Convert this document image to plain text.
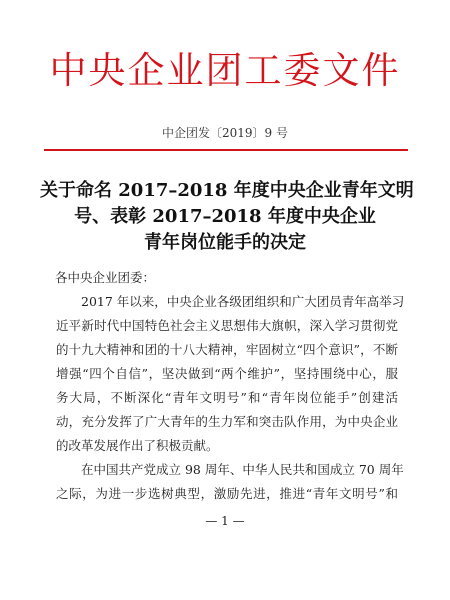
中央企业团工委文件
中企团发〔2019〕9 号
关于命名 2017–2018 年度中央企业青年文明
号、表彰 2017–2018 年度中央企业
青年岗位能手的决定
各中央企业团委：
　　2017 年以来，中央企业各级团组织和广大团员青年高举习
近平新时代中国特色社会主义思想伟大旗帜，深入学习贯彻党
的十九大精神和团的十八大精神，牢固树立“四个意识”，不断
增强“四个自信”，坚决做到“两个维护”，坚持围绕中心，服
务大局，不断深化“青年文明号”和“青年岗位能手”创建活
动，充分发挥了广大青年的生力军和突击队作用，为中央企业
的改革发展作出了积极贡献。
　　在中国共产党成立 98 周年、中华人民共和国成立 70 周年
之际，为进一步选树典型，激励先进，推进“青年文明号”和
— 1 —
